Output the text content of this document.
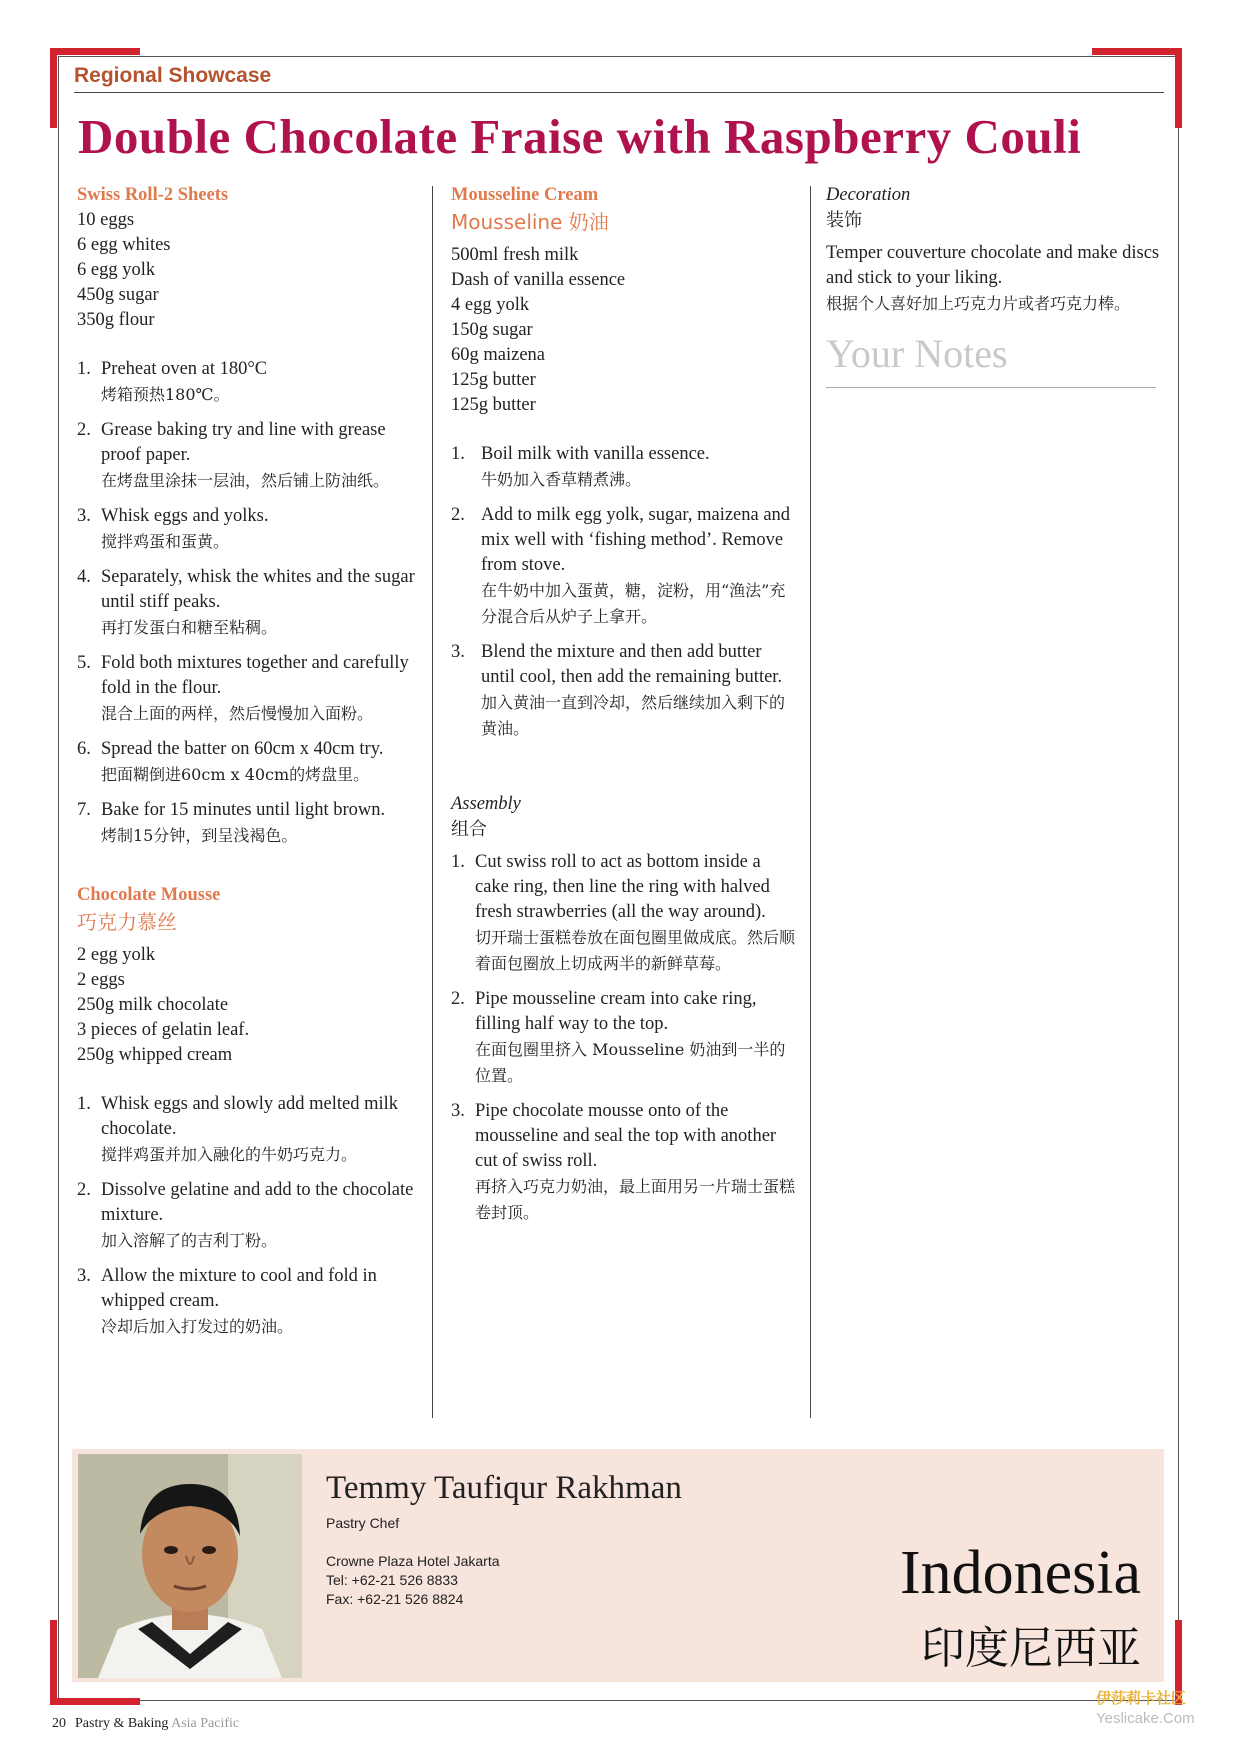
Regional Showcase
Double Chocolate Fraise with Raspberry Couli
Swiss Roll-2 Sheets
10 eggs
6 egg whites
6 egg yolk
450g sugar
350g flour
1. Preheat oven at 180°C
烤箱预热180℃。
2. Grease baking try and line with grease proof paper.
在烤盘里涂抹一层油，然后铺上防油纸。
3. Whisk eggs and yolks.
搅拌鸡蛋和蛋黄。
4. Separately, whisk the whites and the sugar until stiff peaks.
再打发蛋白和糖至粘稠。
5. Fold both mixtures together and carefully fold in the flour.
混合上面的两样，然后慢慢加入面粉。
6. Spread the batter on 60cm x 40cm try.
把面糊倒进60cm x 40cm的烤盘里。
7. Bake for 15 minutes until light brown.
烤制15分钟，到呈浅褐色。
Chocolate Mousse
巧克力慕丝
2 egg yolk
2 eggs
250g milk chocolate
3 pieces of gelatin leaf.
250g whipped cream
1. Whisk eggs and slowly add melted milk chocolate.
搅拌鸡蛋并加入融化的牛奶巧克力。
2. Dissolve gelatine and add to the chocolate mixture.
加入溶解了的吉利丁粉。
3. Allow the mixture to cool and fold in whipped cream.
冷却后加入打发过的奶油。
Mousseline Cream
Mousseline 奶油
500ml fresh milk
Dash of vanilla essence
4 egg yolk
150g sugar
60g maizena
125g butter
125g butter
1. Boil milk with vanilla essence.
牛奶加入香草精煮沸。
2. Add to milk egg yolk, sugar, maizena and mix well with ‘fishing method’. Remove from stove.
在牛奶中加入蛋黄，糖，淀粉，用“渔法”充分混合后从炉子上拿开。
3. Blend the mixture and then add butter until cool, then add the remaining butter.
加入黄油一直到冷却，然后继续加入剩下的黄油。
Assembly
组合
1. Cut swiss roll to act as bottom inside a cake ring, then line the ring with halved fresh strawberries (all the way around).
切开瑞士蛋糕卷放在面包圈里做成底。然后顺着面包圈放上切成两半的新鲜草莓。
2. Pipe mousseline cream into cake ring, filling half way to the top.
在面包圈里挤入 Mousseline 奶油到一半的位置。
3. Pipe chocolate mousse onto of the mousseline and seal the top with another cut of swiss roll.
再挤入巧克力奶油，最上面用另一片瑞士蛋糕卷封顶。
Decoration
装饰
Temper couverture chocolate and make discs and stick to your liking.
根据个人喜好加上巧克力片或者巧克力棒。
Your Notes
Temmy Taufiqur Rakhman
Pastry Chef
Crowne Plaza Hotel Jakarta
Tel: +62-21 526 8833
Fax: +62-21 526 8824	Indonesia
印度尼西亚
20 Pastry & Baking Asia Pacific
伊莎莉卡社区
Yeslicake.Com
